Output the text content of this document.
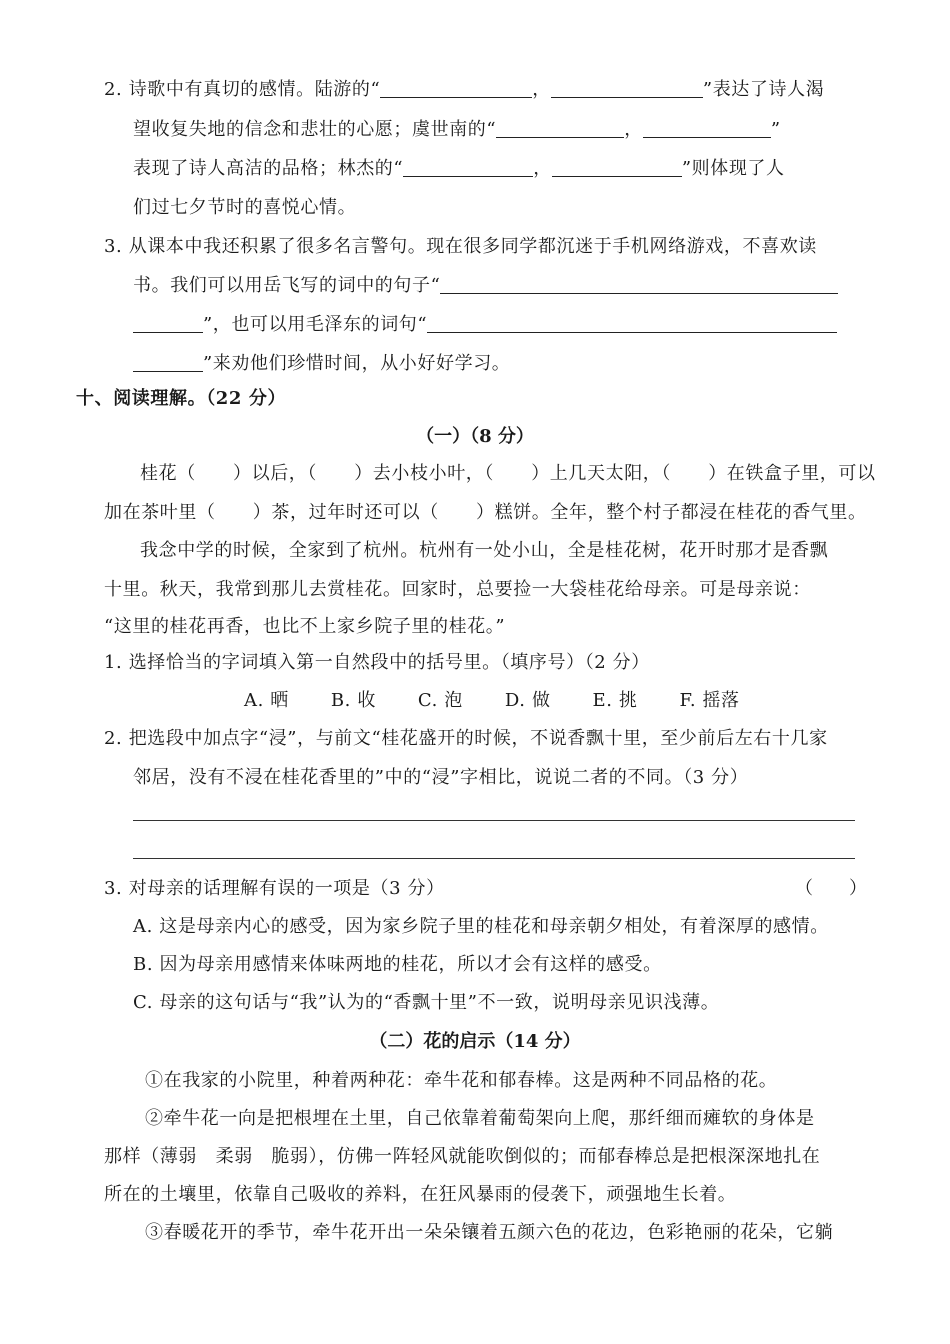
2. 诗歌中有真切的感情。陆游的“	，	”表达了诗人渴
望收复失地的信念和悲壮的心愿；虞世南的“	，	”
表现了诗人高洁的品格；林杰的“	，	”则体现了人
们过七夕节时的喜悦心情。
3. 从课本中我还积累了很多名言警句。现在很多同学都沉迷于手机网络游戏，不喜欢读
书。我们可以用岳飞写的词中的句子“
”，也可以用毛泽东的词句“
”来劝他们珍惜时间，从小好好学习。
十、阅读理解。（22 分）
（一）（8 分）
桂花（　　）以后，（　　）去小枝小叶，（　　）上几天太阳，（　　）在铁盒子里，可以
加在茶叶里（　　）茶，过年时还可以（　　）糕饼。全年，整个村子都浸在桂花的香气里。
我念中学的时候，全家到了杭州。杭州有一处小山，全是桂花树，花开时那才是香飘
十里。秋天，我常到那儿去赏桂花。回家时，总要捡一大袋桂花给母亲。可是母亲说：
“这里的桂花再香，也比不上家乡院子里的桂花。”
1. 选择恰当的字词填入第一自然段中的括号里。（填序号）（2 分）
A. 晒 B. 收 C. 泡 D. 做 E. 挑 F. 摇落
2. 把选段中加点字“浸”，与前文“桂花盛开的时候，不说香飘十里，至少前后左右十几家
邻居，没有不浸在桂花香里的”中的“浸”字相比，说说二者的不同。（3 分）
3. 对母亲的话理解有误的一项是（3 分）	（　　）
A. 这是母亲内心的感受，因为家乡院子里的桂花和母亲朝夕相处，有着深厚的感情。
B. 因为母亲用感情来体味两地的桂花，所以才会有这样的感受。
C. 母亲的这句话与“我”认为的“香飘十里”不一致，说明母亲见识浅薄。
（二）花的启示（14 分）
①在我家的小院里，种着两种花：牵牛花和郁春棒。这是两种不同品格的花。
②牵牛花一向是把根埋在土里，自己依靠着葡萄架向上爬，那纤细而瘫软的身体是
那样（薄弱　柔弱　脆弱），仿佛一阵轻风就能吹倒似的；而郁春棒总是把根深深地扎在
所在的土壤里，依靠自己吸收的养料，在狂风暴雨的侵袭下，顽强地生长着。
③春暖花开的季节，牵牛花开出一朵朵镶着五颜六色的花边，色彩艳丽的花朵，它躺
